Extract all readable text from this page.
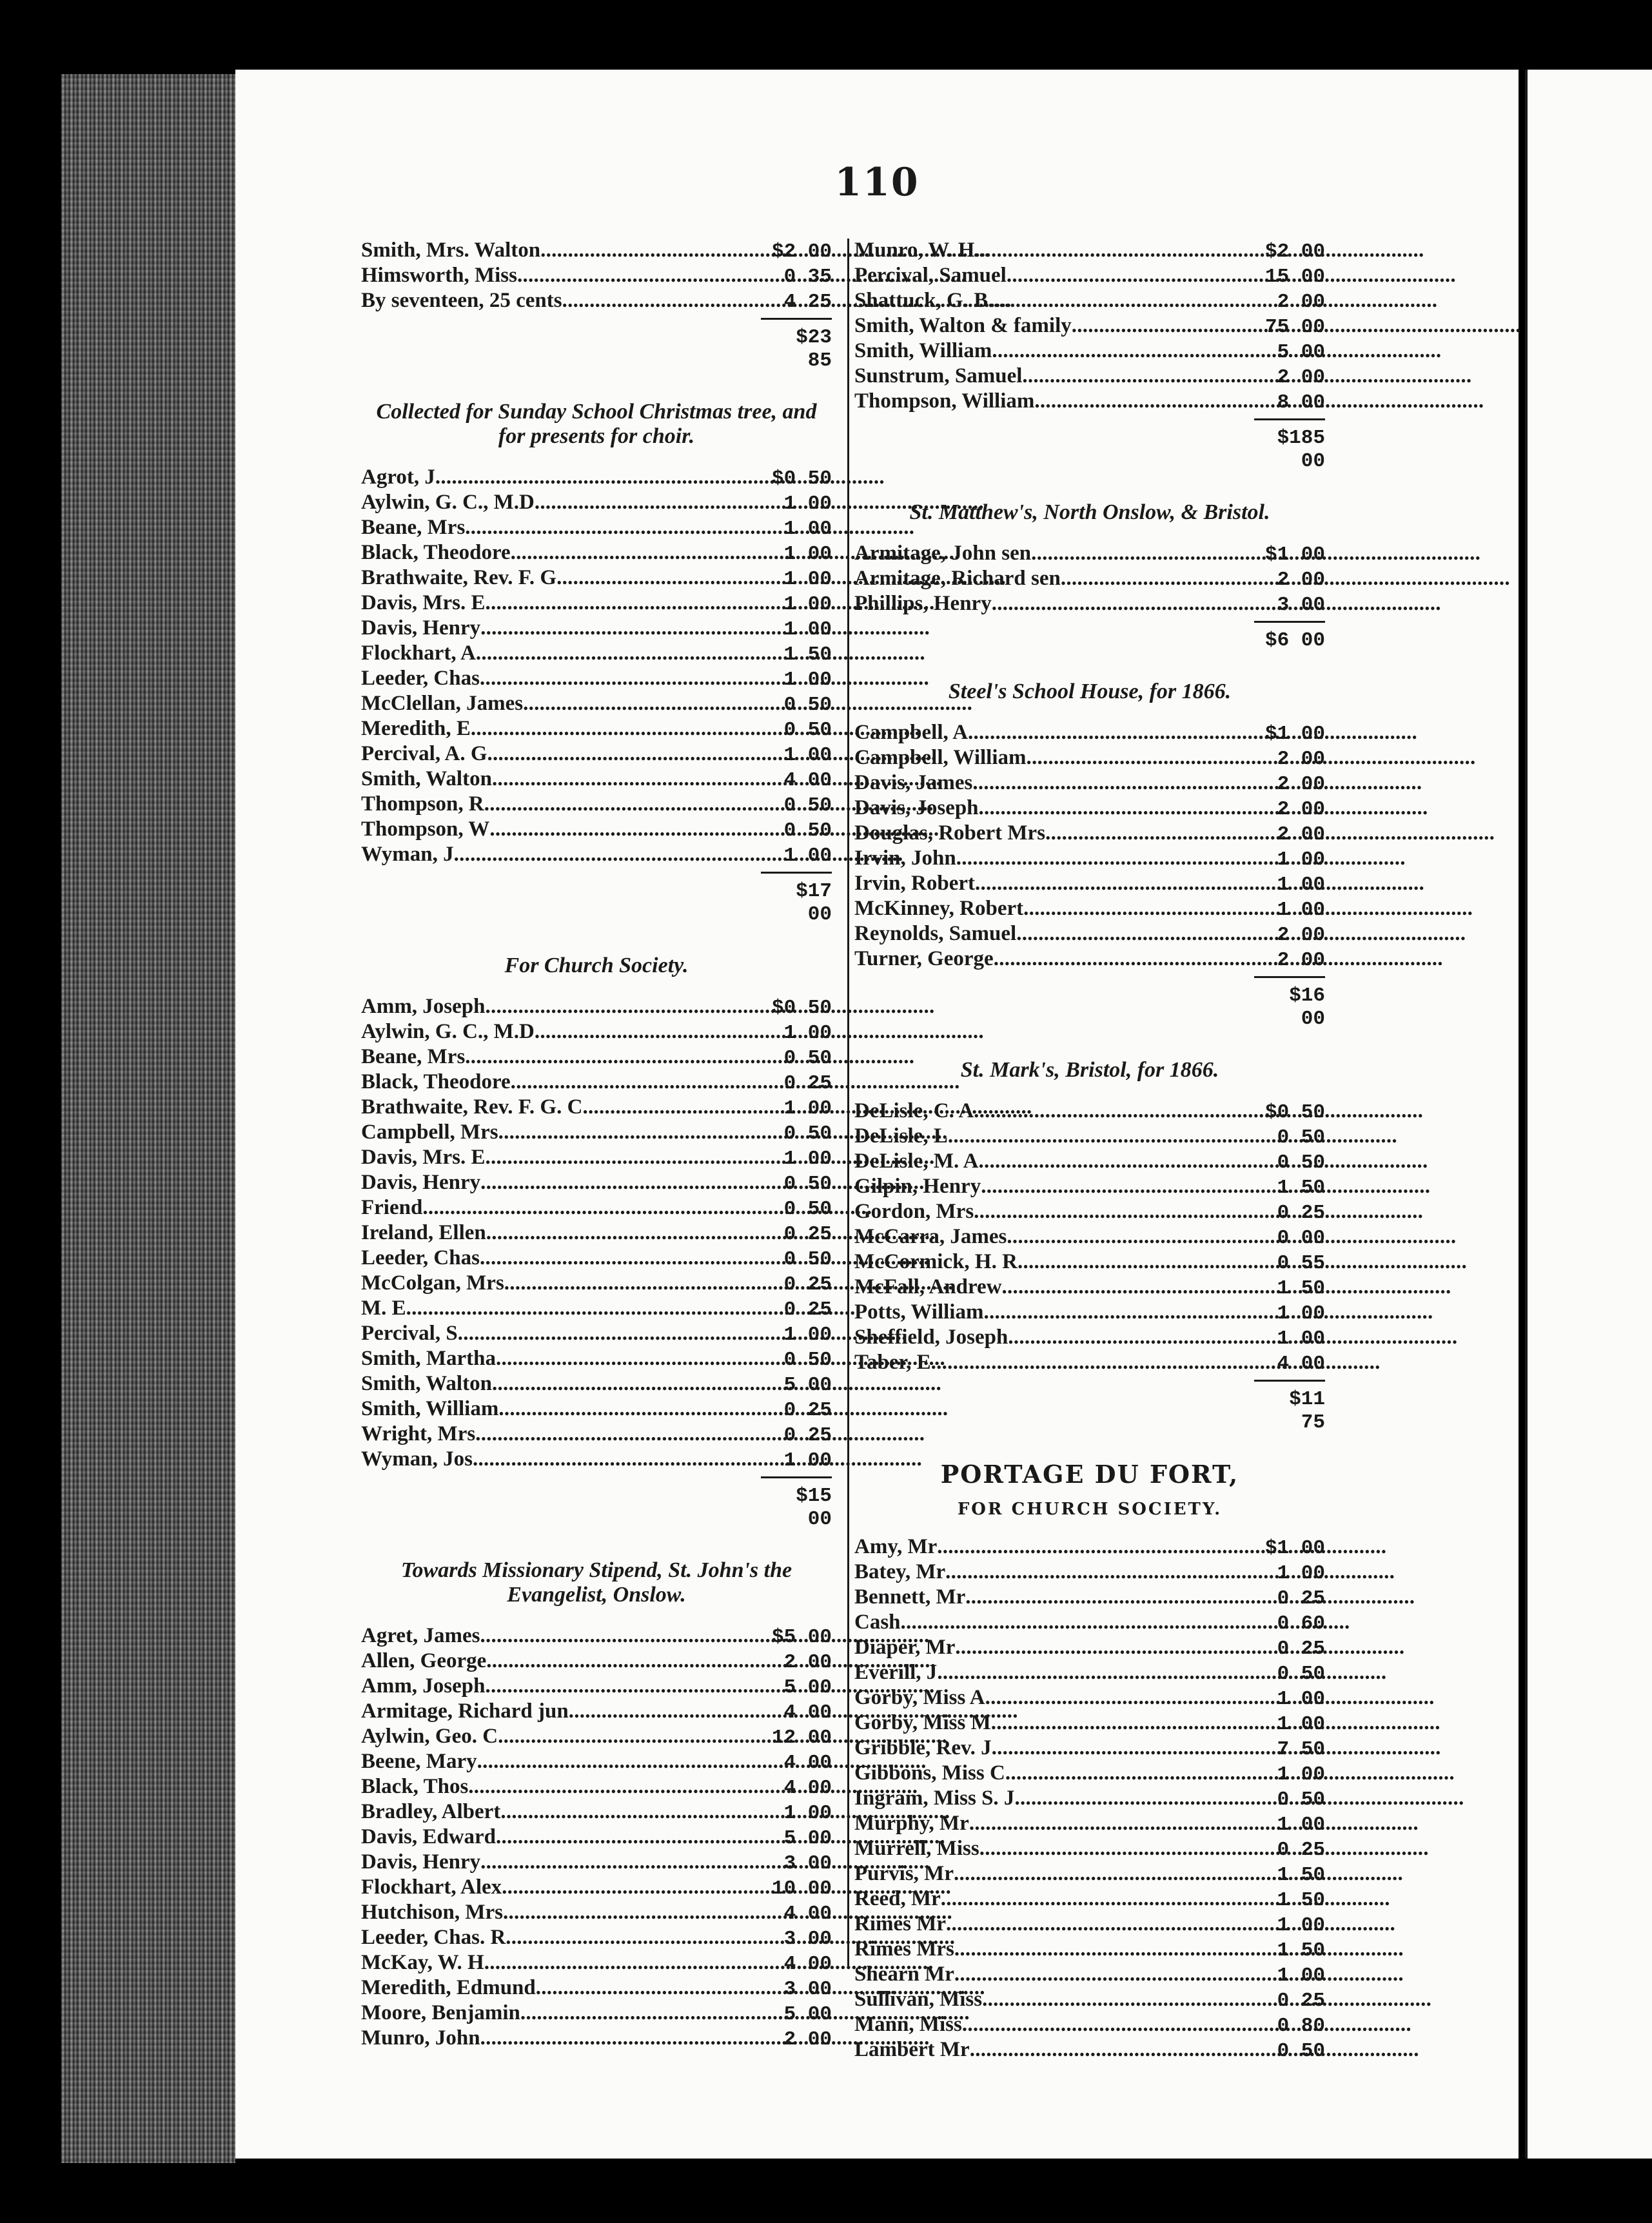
110
Smith, Mrs. Walton . . .	$2 00
Himsworth, Miss . . .	0 35
By seventeen, 25 cents . . .	4 25
$23 85
Collected for Sunday School Christmas tree, and for presents for choir.
Agrot, J . . .	$0 50
Aylwin, G. C., M.D . . .	1 00
Beane, Mrs . . .	1 00
Black, Theodore . . .	1 00
Brathwaite, Rev. F. G . . .	1 00
Davis, Mrs. E . . .	1 00
Davis, Henry . . .	1 00
Flockhart, A . . .	1 50
Leeder, Chas . . .	1 00
McClellan, James . . .	0 50
Meredith, E . . .	0 50
Percival, A. G . . .	1 00
Smith, Walton . . .	4 00
Thompson, R . . .	0 50
Thompson, W . . .	0 50
Wyman, J . . .	1 00
$17 00
For Church Society.
Amm, Joseph . . .	$0 50
Aylwin, G. C., M.D . . .	1 00
Beane, Mrs . . .	0 50
Black, Theodore . . .	0 25
Brathwaite, Rev. F. G. C . . .	1 00
Campbell, Mrs . . .	0 50
Davis, Mrs. E . . .	1 00
Davis, Henry . . .	0 50
Friend . . .	0 50
Ireland, Ellen . . .	0 25
Leeder, Chas . . .	0 50
McColgan, Mrs . . .	0 25
M. E . . .	0 25
Percival, S . . .	1 00
Smith, Martha . . .	0 50
Smith, Walton . . .	5 00
Smith, William . . .	0 25
Wright, Mrs . . .	0 25
Wyman, Jos . . .	1 00
$15 00
Towards Missionary Stipend, St. John's the Evangelist, Onslow.
Agret, James . . .	$5 00
Allen, George . . .	2 00
Amm, Joseph . . .	5 00
Armitage, Richard jun . . .	4 00
Aylwin, Geo. C . . .	12 00
Beene, Mary . . .	4 00
Black, Thos . . .	4 00
Bradley, Albert . . .	1 00
Davis, Edward . . .	5 00
Davis, Henry . . .	3 00
Flockhart, Alex . . .	10 00
Hutchison, Mrs . . .	4 00
Leeder, Chas. R . . .	3 00
McKay, W. H . . .	4 00
Meredith, Edmund . . .	3 00
Moore, Benjamin . . .	5 00
Munro, John . . .	2 00
Munro, W. H . . .	$2 00
Percival, Samuel . . .	15 00
Shattuck, G. B . . .	2 00
Smith, Walton & family . . .	75 00
Smith, William . . .	5 00
Sunstrum, Samuel . . .	2 00
Thompson, William . . .	8 00
$185 00
St. Matthew's, North Onslow, & Bristol.
Armitage, John sen . . .	$1 00
Armitage, Richard sen . . .	2 00
Phillips, Henry . . .	3 00
$6 00
Steel's School House, for 1866.
Campbell, A . . .	$1 00
Campbell, William . . .	2 00
Davis, James . . .	2 00
Davis, Joseph . . .	2 00
Douglas, Robert Mrs . . .	2 00
Irvin, John . . .	1 00
Irvin, Robert . . .	1 00
McKinney, Robert . . .	1 00
Reynolds, Samuel . . .	2 00
Turner, George . . .	2 00
$16 00
St. Mark's, Bristol, for 1866.
DeLisle, C. A . . .	$0 50
DeLisle, L . . .	0 50
DeLisle, M. A . . .	0 50
Gilpin, Henry . . .	1 50
Gordon, Mrs . . .	0 25
McCarra, James . . .	0 00
McCormick, H. R . . .	0 55
McFall, Andrew . . .	1 50
Potts, William . . .	1 00
Sheffield, Joseph . . .	1 00
Taber, E . . .	4 00
$11 75
PORTAGE DU FORT,
FOR CHURCH SOCIETY.
Amy, Mr . . .	$1 00
Batey, Mr . . .	1 00
Bennett, Mr . . .	0 25
Cash . . .	0 60
Diaper, Mr . . .	0 25
Everill, J . . .	0 50
Gorby, Miss A . . .	1 00
Gorby, Miss M . . .	1 00
Gribble, Rev. J . . .	7 50
Gibbons, Miss C . . .	1 00
Ingram, Miss S. J . . .	0 50
Murphy, Mr . . .	1 00
Murrell, Miss . . .	0 25
Purvis, Mr . . .	1 50
Reed, Mr . . .	1 50
Rimes Mr . . .	1 00
Rimes Mrs . . .	1 50
Shearn Mr . . .	1 00
Sullivan, Miss . . .	0 25
Mann, Miss . . .	0 80
Lambert Mr . . .	0 50
